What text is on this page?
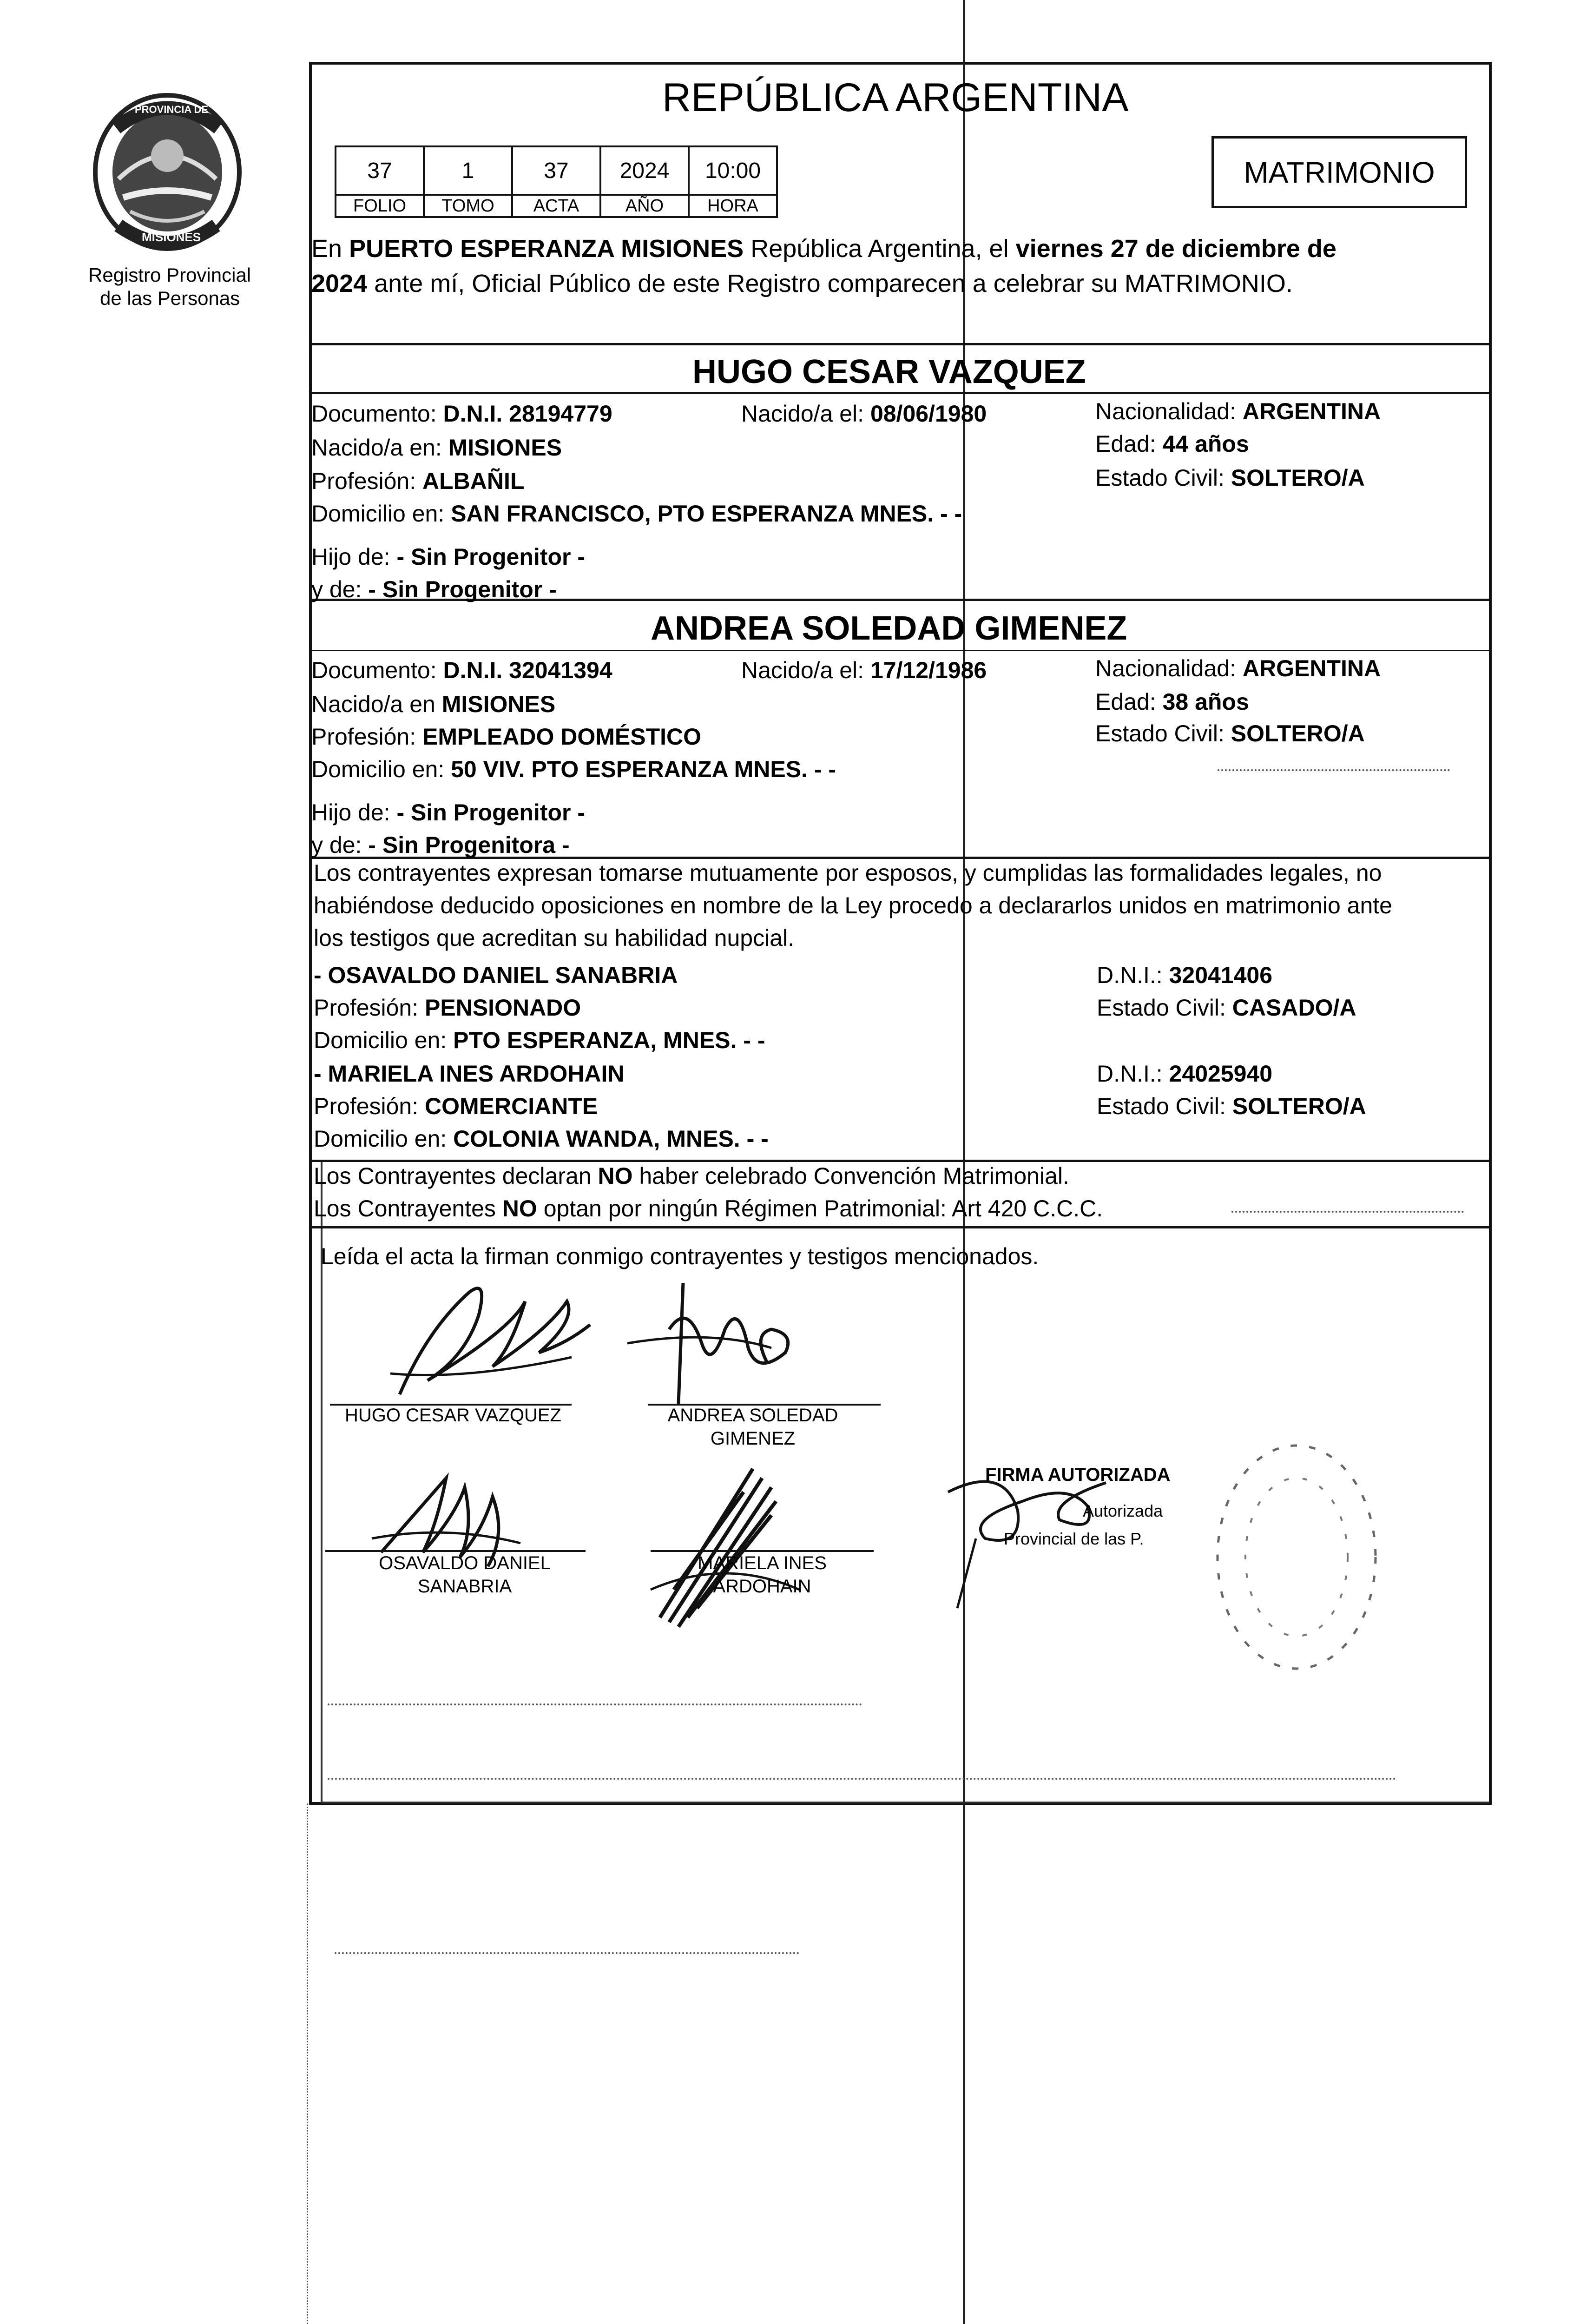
PROVINCIA DE
MISIONES
Registro Provincial
de las Personas
REPÚBLICA ARGENTINA
37	1	37	2024	10:00
FOLIO	TOMO	ACTA	AÑO	HORA
MATRIMONIO
En PUERTO ESPERANZA MISIONES República Argentina, el viernes 27 de diciembre de
2024 ante mí, Oficial Público de este Registro comparecen a celebrar su MATRIMONIO.
HUGO CESAR VAZQUEZ
Documento: D.N.I. 28194779	Nacido/a el: 08/06/1980	Nacionalidad: ARGENTINA
Nacido/a en: MISIONES	Edad: 44 años
Profesión: ALBAÑIL	Estado Civil: SOLTERO/A
Domicilio en: SAN FRANCISCO, PTO ESPERANZA MNES. - -
Hijo de: - Sin Progenitor -
y de: - Sin Progenitor -
ANDREA SOLEDAD GIMENEZ
Documento: D.N.I. 32041394	Nacido/a el: 17/12/1986	Nacionalidad: ARGENTINA
Nacido/a en MISIONES	Edad: 38 años
Profesión: EMPLEADO DOMÉSTICO	Estado Civil: SOLTERO/A
Domicilio en: 50 VIV. PTO ESPERANZA MNES. - -
Hijo de: - Sin Progenitor -
y de: - Sin Progenitora -
Los contrayentes expresan tomarse mutuamente por esposos, y cumplidas las formalidades legales, no
habiéndose deducido oposiciones en nombre de la Ley procedo a declararlos unidos en matrimonio ante
los testigos que acreditan su habilidad nupcial.
- OSAVALDO DANIEL SANABRIA	D.N.I.: 32041406
Profesión: PENSIONADO	Estado Civil: CASADO/A
Domicilio en: PTO ESPERANZA, MNES. - -
- MARIELA INES ARDOHAIN	D.N.I.: 24025940
Profesión: COMERCIANTE	Estado Civil: SOLTERO/A
Domicilio en: COLONIA WANDA, MNES. - -
Los Contrayentes declaran NO haber celebrado Convención Matrimonial.
Los Contrayentes NO optan por ningún Régimen Patrimonial: Art 420 C.C.C.
Leída el acta la firman conmigo contrayentes y testigos mencionados.
HUGO CESAR VAZQUEZ	ANDREA SOLEDAD
GIMENEZ
OSAVALDO DANIEL
SANABRIA
MARIELA INES
ARDOHAIN
FIRMA AUTORIZADA
Autorizada
Provincial de las P.
